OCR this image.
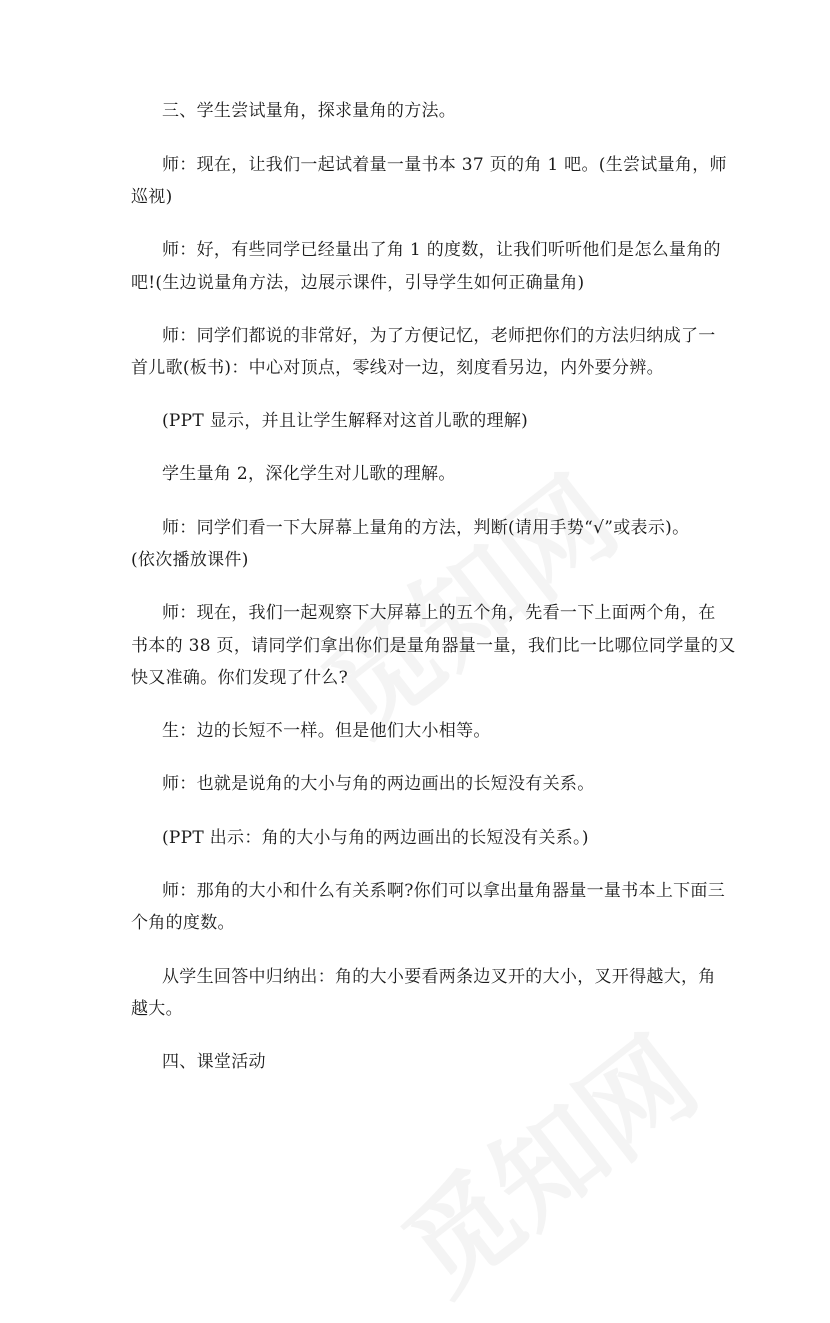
三、学生尝试量角，探求量角的方法。
师：现在，让我们一起试着量一量书本 37 页的角 1 吧。(生尝试量角，师
巡视)
师：好，有些同学已经量出了角 1 的度数，让我们听听他们是怎么量角的
吧!(生边说量角方法，边展示课件，引导学生如何正确量角)
师：同学们都说的非常好，为了方便记忆，老师把你们的方法归纳成了一
首儿歌(板书)：中心对顶点，零线对一边，刻度看另边，内外要分辨。
(PPT 显示，并且让学生解释对这首儿歌的理解)
学生量角 2，深化学生对儿歌的理解。
师：同学们看一下大屏幕上量角的方法，判断(请用手势“√”或表示)。
(依次播放课件)
师：现在，我们一起观察下大屏幕上的五个角，先看一下上面两个角，在
书本的 38 页，请同学们拿出你们是量角器量一量，我们比一比哪位同学量的又
快又准确。你们发现了什么?
生：边的长短不一样。但是他们大小相等。
师：也就是说角的大小与角的两边画出的长短没有关系。
(PPT 出示：角的大小与角的两边画出的长短没有关系。)
师：那角的大小和什么有关系啊?你们可以拿出量角器量一量书本上下面三
个角的度数。
从学生回答中归纳出：角的大小要看两条边叉开的大小，叉开得越大，角
越大。
四、课堂活动
